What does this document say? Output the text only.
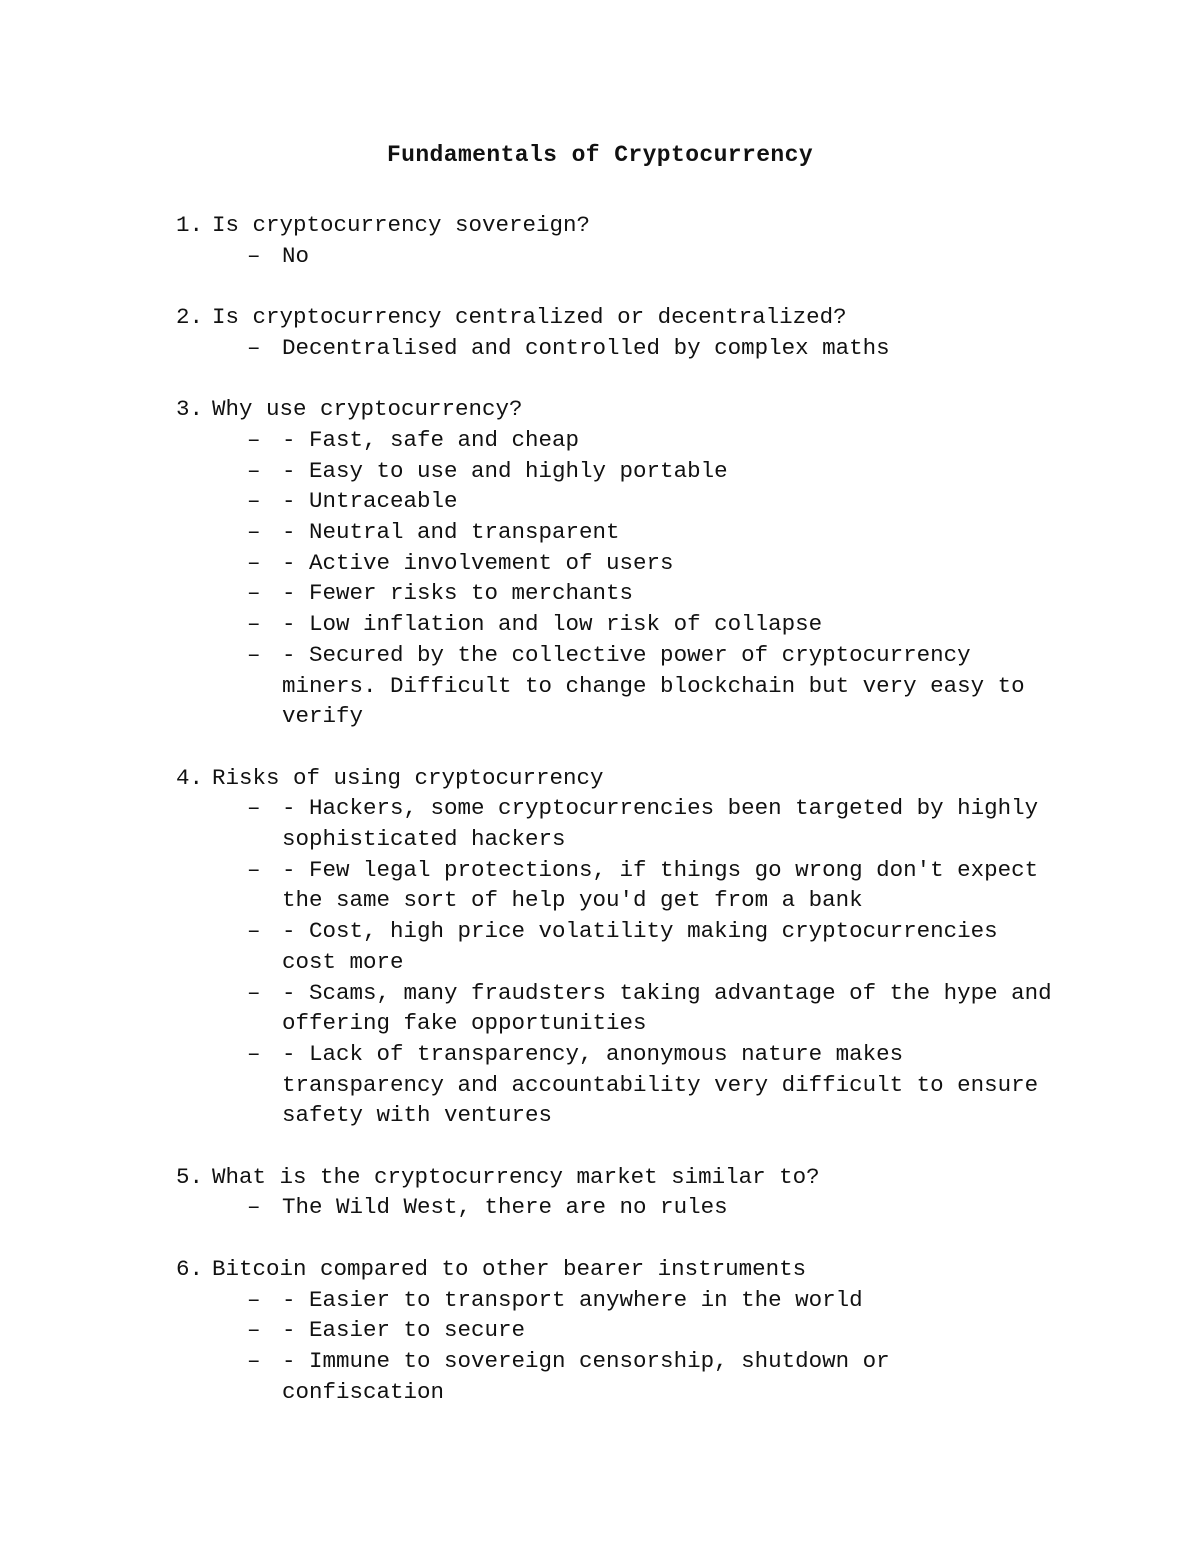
Fundamentals of Cryptocurrency
1. Is cryptocurrency sovereign?
– No
2. Is cryptocurrency centralized or decentralized?
– Decentralised and controlled by complex maths
3. Why use cryptocurrency?
– - Fast, safe and cheap
– - Easy to use and highly portable
– - Untraceable
– - Neutral and transparent
– - Active involvement of users
– - Fewer risks to merchants
– - Low inflation and low risk of collapse
– - Secured by the collective power of cryptocurrency miners. Difficult to change blockchain but very easy to verify
4. Risks of using cryptocurrency
– - Hackers, some cryptocurrencies been targeted by highly sophisticated hackers
– - Few legal protections, if things go wrong don't expect the same sort of help you'd get from a bank
– - Cost, high price volatility making cryptocurrencies cost more
– - Scams, many fraudsters taking advantage of the hype and offering fake opportunities
– - Lack of transparency, anonymous nature makes transparency and accountability very difficult to ensure safety with ventures
5. What is the cryptocurrency market similar to?
– The Wild West, there are no rules
6. Bitcoin compared to other bearer instruments
– - Easier to transport anywhere in the world
– - Easier to secure
– - Immune to sovereign censorship, shutdown or confiscation
